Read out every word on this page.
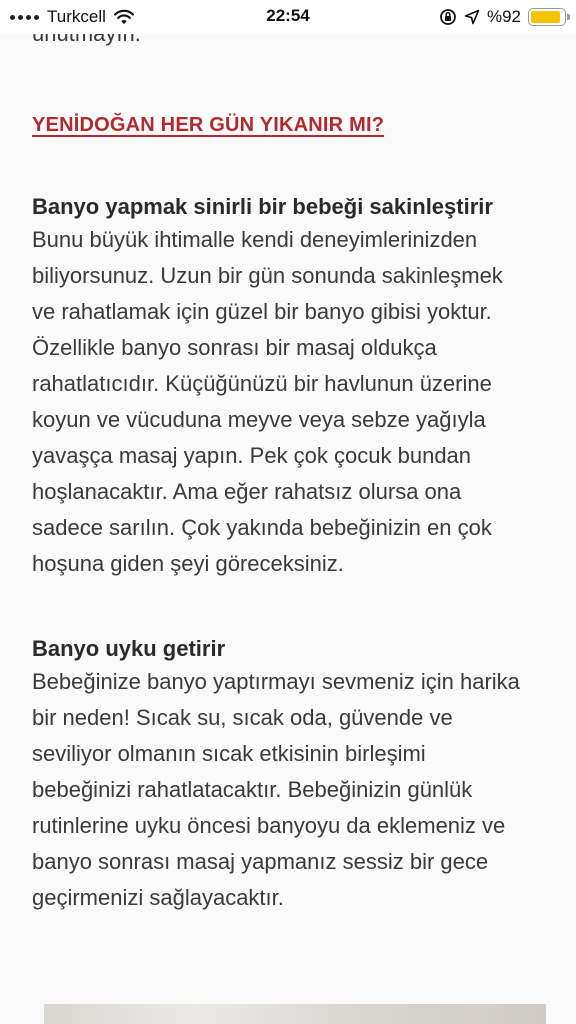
Turkcell	22:54	%92
YENİDOĞAN HER GÜN YIKANIR MI?
Banyo yapmak sinirli bir bebeği sakinleştirir
Bunu büyük ihtimalle kendi deneyimlerinizden
biliyorsunuz. Uzun bir gün sonunda sakinleşmek
ve rahatlamak için güzel bir banyo gibisi yoktur.
Özellikle banyo sonrası bir masaj oldukça
rahatlatıcıdır. Küçüğünüzü bir havlunun üzerine
koyun ve vücuduna meyve veya sebze yağıyla
yavaşça masaj yapın. Pek çok çocuk bundan
hoşlanacaktır. Ama eğer rahatsız olursa ona
sadece sarılın. Çok yakında bebeğinizin en çok
hoşuna giden şeyi göreceksiniz.
Banyo uyku getirir
Bebeğinize banyo yaptırmayı sevmeniz için harika
bir neden! Sıcak su, sıcak oda, güvende ve
seviliyor olmanın sıcak etkisinin birleşimi
bebeğinizi rahatlatacaktır. Bebeğinizin günlük
rutinlerine uyku öncesi banyoyu da eklemeniz ve
banyo sonrası masaj yapmanız sessiz bir gece
geçirmenizi sağlayacaktır.
